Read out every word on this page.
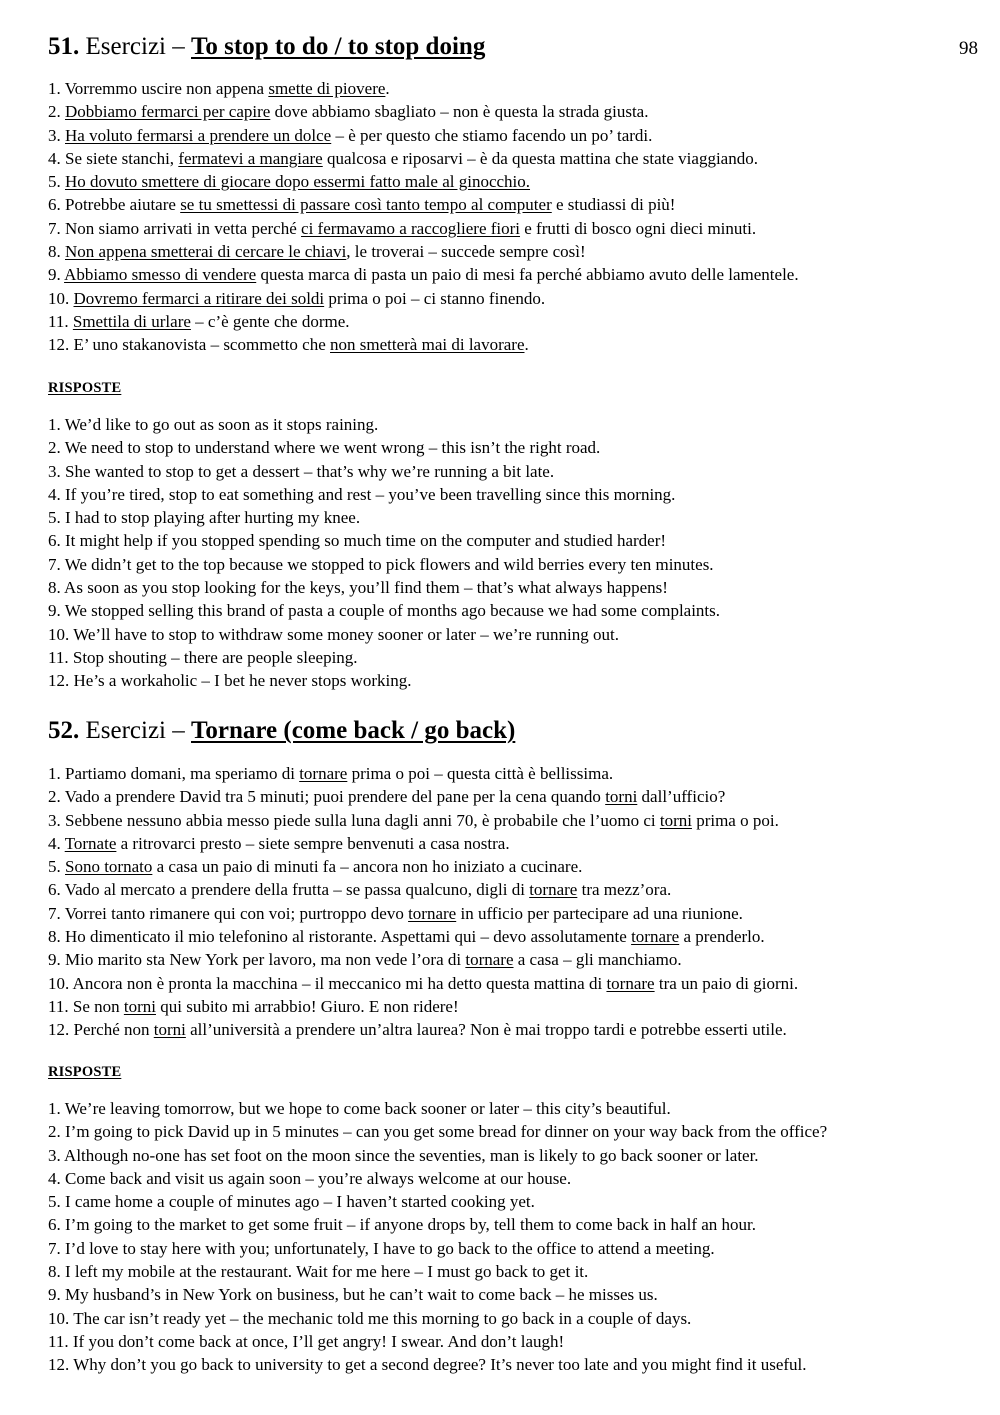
98
51. Esercizi – To stop to do / to stop doing
1. Vorremmo uscire non appena smette di piovere.
2. Dobbiamo fermarci per capire dove abbiamo sbagliato – non è questa la strada giusta.
3. Ha voluto fermarsi a prendere un dolce – è per questo che stiamo facendo un po’ tardi.
4. Se siete stanchi, fermatevi a mangiare qualcosa e riposarvi – è da questa mattina che state viaggiando.
5. Ho dovuto smettere di giocare dopo essermi fatto male al ginocchio.
6. Potrebbe aiutare se tu smettessi di passare così tanto tempo al computer e studiassi di più!
7. Non siamo arrivati in vetta perché ci fermavamo a raccogliere fiori e frutti di bosco ogni dieci minuti.
8. Non appena smetterai di cercare le chiavi, le troverai – succede sempre così!
9. Abbiamo smesso di vendere questa marca di pasta un paio di mesi fa perché abbiamo avuto delle lamentele.
10. Dovremo fermarci a ritirare dei soldi prima o poi – ci stanno finendo.
11. Smettila di urlare – c’è gente che dorme.
12. E’ uno stakanovista – scommetto che non smetterà mai di lavorare.
RISPOSTE
1. We’d like to go out as soon as it stops raining.
2. We need to stop to understand where we went wrong – this isn’t the right road.
3. She wanted to stop to get a dessert – that’s why we’re running a bit late.
4. If you’re tired, stop to eat something and rest – you’ve been travelling since this morning.
5. I had to stop playing after hurting my knee.
6. It might help if you stopped spending so much time on the computer and studied harder!
7. We didn’t get to the top because we stopped to pick flowers and wild berries every ten minutes.
8. As soon as you stop looking for the keys, you’ll find them – that’s what always happens!
9. We stopped selling this brand of pasta a couple of months ago because we had some complaints.
10. We’ll have to stop to withdraw some money sooner or later – we’re running out.
11. Stop shouting – there are people sleeping.
12. He’s a workaholic – I bet he never stops working.
52. Esercizi – Tornare (come back / go back)
1. Partiamo domani, ma speriamo di tornare prima o poi – questa città è bellissima.
2. Vado a prendere David tra 5 minuti; puoi prendere del pane per la cena quando torni dall’ufficio?
3. Sebbene nessuno abbia messo piede sulla luna dagli anni 70, è probabile che l’uomo ci torni prima o poi.
4. Tornate a ritrovarci presto – siete sempre benvenuti a casa nostra.
5. Sono tornato a casa un paio di minuti fa – ancora non ho iniziato a cucinare.
6. Vado al mercato a prendere della frutta – se passa qualcuno, digli di tornare tra mezz’ora.
7. Vorrei tanto rimanere qui con voi; purtroppo devo tornare in ufficio per partecipare ad una riunione.
8. Ho dimenticato il mio telefonino al ristorante. Aspettami qui – devo assolutamente tornare a prenderlo.
9. Mio marito sta New York per lavoro, ma non vede l’ora di tornare a casa – gli manchiamo.
10. Ancora non è pronta la macchina – il meccanico mi ha detto questa mattina di tornare tra un paio di giorni.
11. Se non torni qui subito mi arrabbio! Giuro. E non ridere!
12. Perché non torni all’università a prendere un’altra laurea? Non è mai troppo tardi e potrebbe esserti utile.
RISPOSTE
1. We’re leaving tomorrow, but we hope to come back sooner or later – this city’s beautiful.
2. I’m going to pick David up in 5 minutes – can you get some bread for dinner on your way back from the office?
3. Although no-one has set foot on the moon since the seventies, man is likely to go back sooner or later.
4. Come back and visit us again soon – you’re always welcome at our house.
5. I came home a couple of minutes ago – I haven’t started cooking yet.
6. I’m going to the market to get some fruit – if anyone drops by, tell them to come back in half an hour.
7. I’d love to stay here with you; unfortunately, I have to go back to the office to attend a meeting.
8. I left my mobile at the restaurant. Wait for me here – I must go back to get it.
9. My husband’s in New York on business, but he can’t wait to come back – he misses us.
10. The car isn’t ready yet – the mechanic told me this morning to go back in a couple of days.
11. If you don’t come back at once, I’ll get angry! I swear. And don’t laugh!
12. Why don’t you go back to university to get a second degree? It’s never too late and you might find it useful.
